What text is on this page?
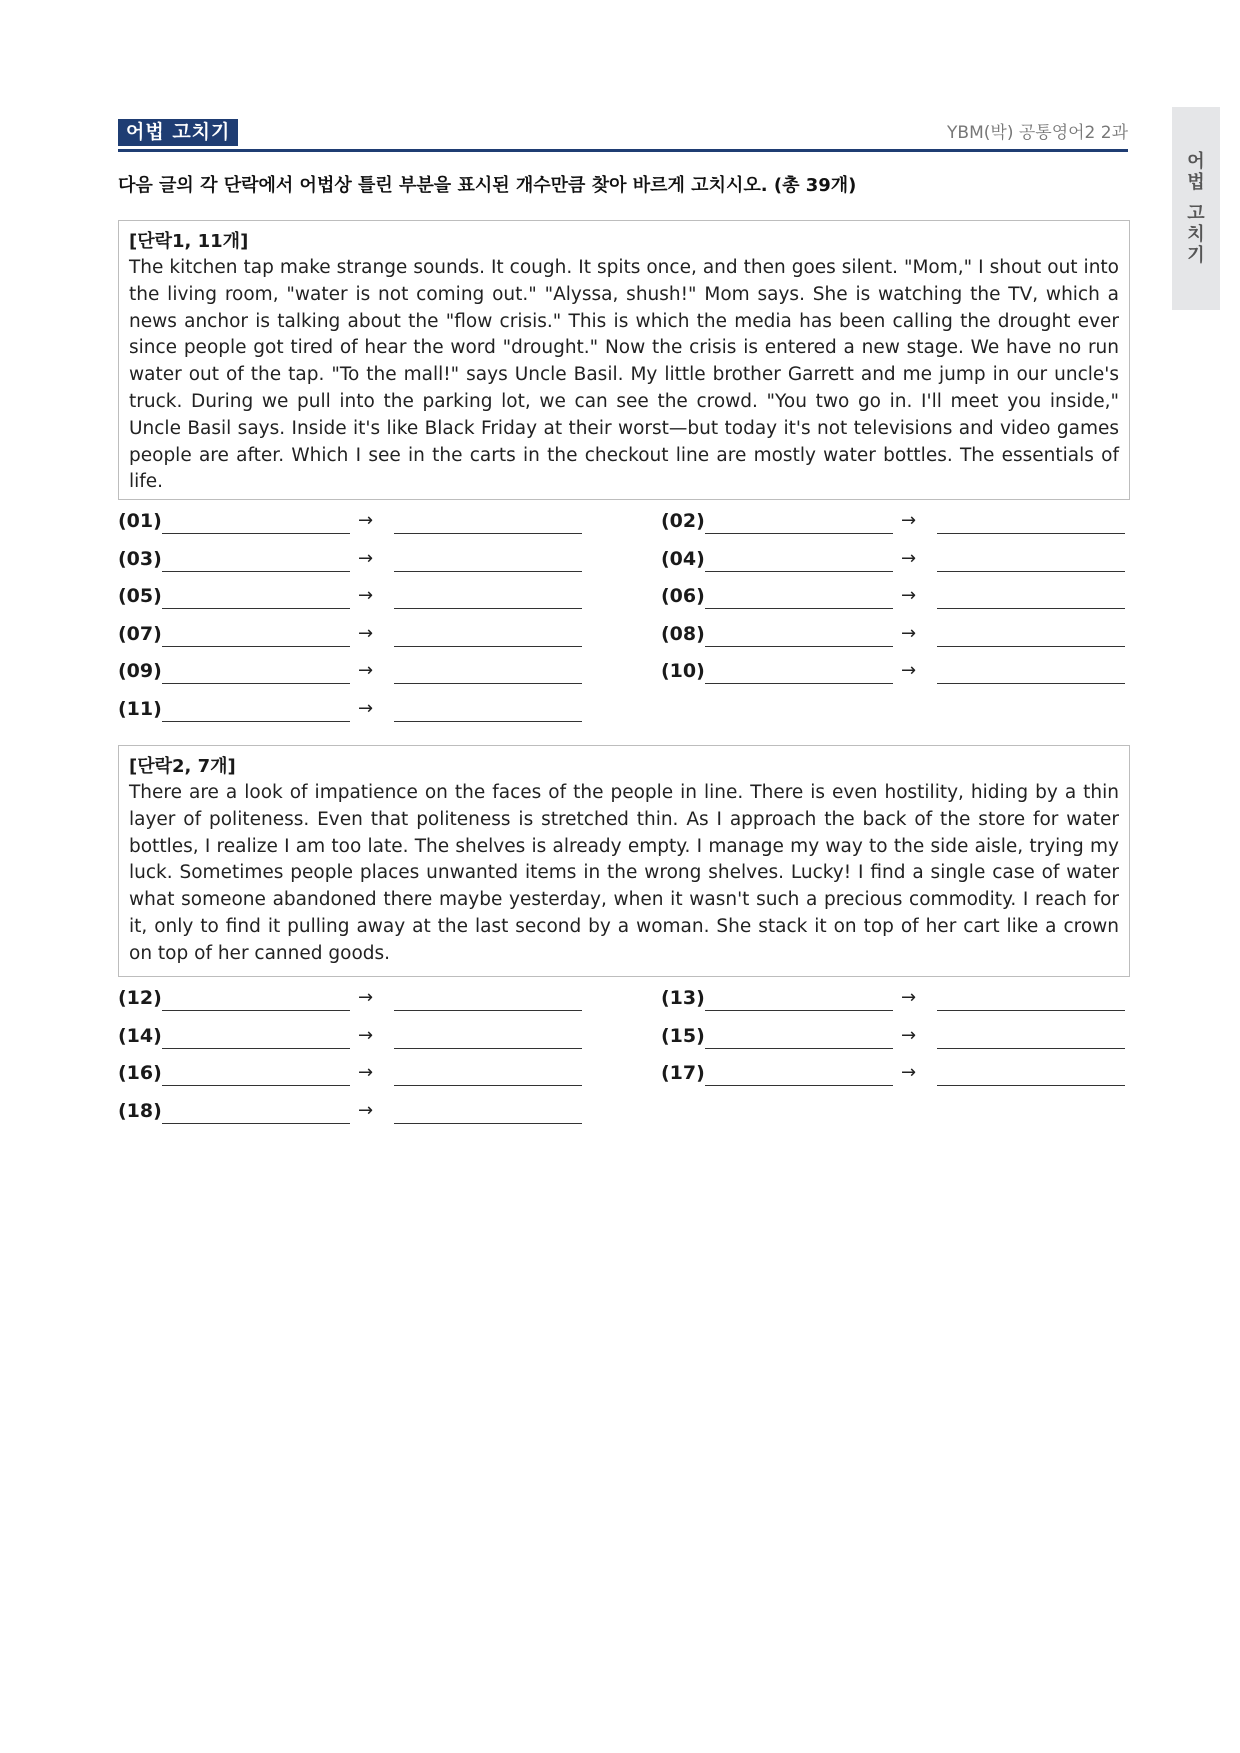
어법 고치기	YBM(박) 공통영어2 2과
어
법
고
치
기
다음 글의 각 단락에서 어법상 틀린 부분을 표시된 개수만큼 찾아 바르게 고치시오. (총 39개)
[단락1, 11개]
The kitchen tap make strange sounds. It cough. It spits once, and then goes silent. "Mom," I shout out into the living room, "water is not coming out." "Alyssa, shush!" Mom says. She is watching the TV, which a news anchor is talking about the "flow crisis." This is which the media has been calling the drought ever since people got tired of hear the word "drought." Now the crisis is entered a new stage. We have no run water out of the tap. "To the mall!" says Uncle Basil. My little brother Garrett and me jump in our uncle's truck. During we pull into the parking lot, we can see the crowd. "You two go in. I'll meet you inside," Uncle Basil says. Inside it's like Black Friday at their worst—but today it's not televisions and video games people are after. Which I see in the carts in the checkout line are mostly water bottles. The essentials of life.
(01)	→	(02)	→
(03)	→	(04)	→
(05)	→	(06)	→
(07)	→	(08)	→
(09)	→	(10)	→
(11)	→
[단락2, 7개]
There are a look of impatience on the faces of the people in line. There is even hostility, hiding by a thin layer of politeness. Even that politeness is stretched thin. As I approach the back of the store for water bottles, I realize I am too late. The shelves is already empty. I manage my way to the side aisle, trying my luck. Sometimes people places unwanted items in the wrong shelves. Lucky! I find a single case of water what someone abandoned there maybe yesterday, when it wasn't such a precious commodity. I reach for it, only to find it pulling away at the last second by a woman. She stack it on top of her cart like a crown on top of her canned goods.
(12)	→	(13)	→
(14)	→	(15)	→
(16)	→	(17)	→
(18)	→
